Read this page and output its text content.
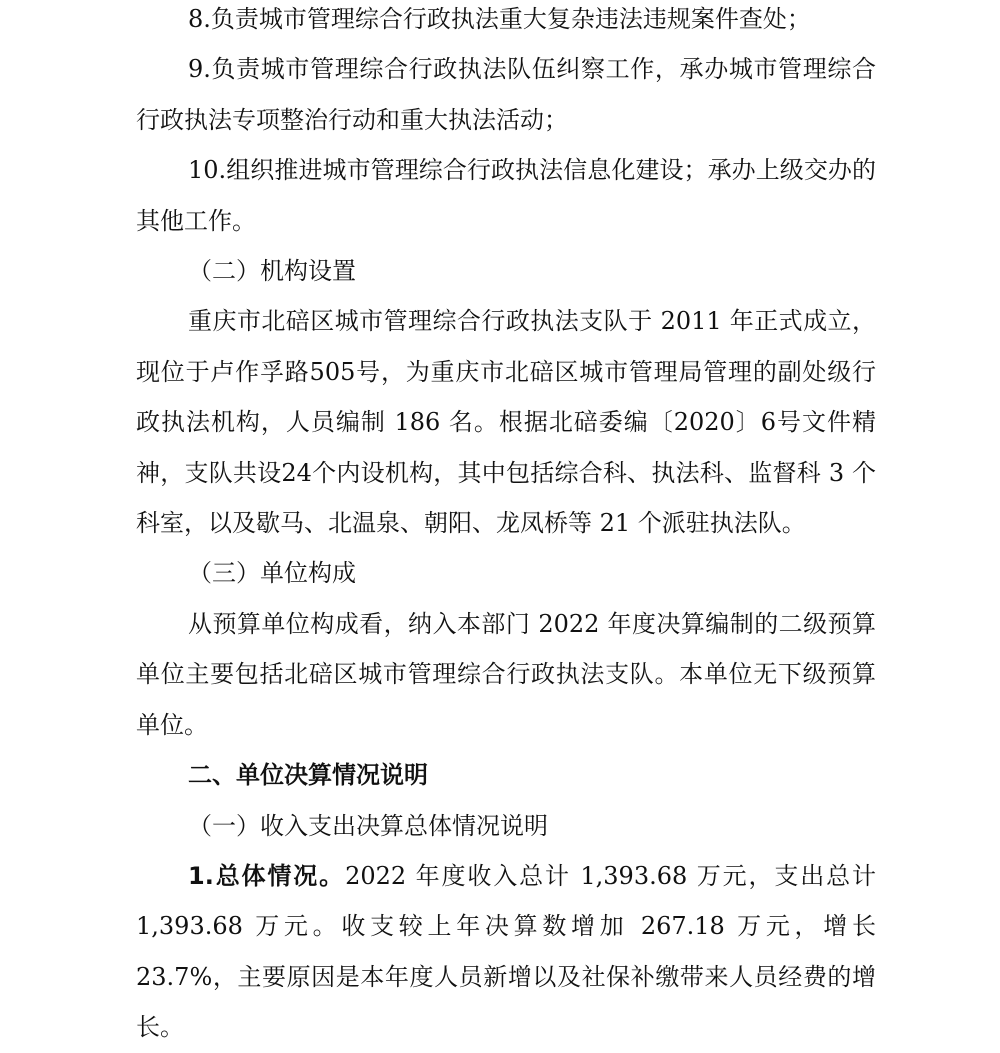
8.负责城市管理综合行政执法重大复杂违法违规案件查处；

9.负责城市管理综合行政执法队伍纠察工作，承办城市管理综合行政执法专项整治行动和重大执法活动；

10.组织推进城市管理综合行政执法信息化建设；承办上级交办的其他工作。

（二）机构设置

重庆市北碚区城市管理综合行政执法支队于 2011 年正式成立，现位于卢作孚路505号，为重庆市北碚区城市管理局管理的副处级行政执法机构，人员编制 186 名。根据北碚委编〔2020〕6号文件精神，支队共设24个内设机构，其中包括综合科、执法科、监督科 3 个科室，以及歇马、北温泉、朝阳、龙凤桥等 21 个派驻执法队。

（三）单位构成

从预算单位构成看，纳入本部门 2022 年度决算编制的二级预算单位主要包括北碚区城市管理综合行政执法支队。本单位无下级预算单位。

二、单位决算情况说明

（一）收入支出决算总体情况说明

1.总体情况。2022 年度收入总计 1,393.68 万元，支出总计 1,393.68 万元。收支较上年决算数增加 267.18 万元，增长 23.7%，主要原因是本年度人员新增以及社保补缴带来人员经费的增长。
